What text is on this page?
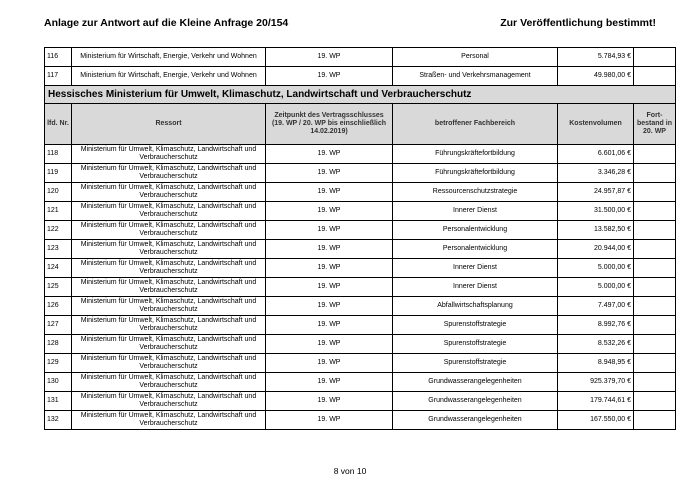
Anlage zur Antwort auf die Kleine Anfrage 20/154	Zur Veröffentlichung bestimmt!
116	Ministerium für Wirtschaft, Energie, Verkehr und Wohnen	19. WP	Personal	5.784,93 €	
117	Ministerium für Wirtschaft, Energie, Verkehr und Wohnen	19. WP	Straßen- und Verkehrsmanagement	49.980,00 €	
Hessisches Ministerium für Umwelt, Klimaschutz, Landwirtschaft und Verbraucherschutz					
lfd. Nr.	Ressort	Zeitpunkt des Vertragsschlusses (19. WP / 20. WP bis einschließlich 14.02.2019)	betroffener Fachbereich	Kostenvolumen	Fort-bestand in 20. WP
118	Ministerium für Umwelt, Klimaschutz, Landwirtschaft und Verbraucherschutz	19. WP	Führungskräftefortbildung	6.601,06 €	
119	Ministerium für Umwelt, Klimaschutz, Landwirtschaft und Verbraucherschutz	19. WP	Führungskräftefortbildung	3.346,28 €	
120	Ministerium für Umwelt, Klimaschutz, Landwirtschaft und Verbraucherschutz	19. WP	Ressourcenschutzstrategie	24.957,87 €	
121	Ministerium für Umwelt, Klimaschutz, Landwirtschaft und Verbraucherschutz	19. WP	Innerer Dienst	31.500,00 €	
122	Ministerium für Umwelt, Klimaschutz, Landwirtschaft und Verbraucherschutz	19. WP	Personalentwicklung	13.582,50 €	
123	Ministerium für Umwelt, Klimaschutz, Landwirtschaft und Verbraucherschutz	19. WP	Personalentwicklung	20.944,00 €	
124	Ministerium für Umwelt, Klimaschutz, Landwirtschaft und Verbraucherschutz	19. WP	Innerer Dienst	5.000,00 €	
125	Ministerium für Umwelt, Klimaschutz, Landwirtschaft und Verbraucherschutz	19. WP	Innerer Dienst	5.000,00 €	
126	Ministerium für Umwelt, Klimaschutz, Landwirtschaft und Verbraucherschutz	19. WP	Abfallwirtschaftsplanung	7.497,00 €	
127	Ministerium für Umwelt, Klimaschutz, Landwirtschaft und Verbraucherschutz	19. WP	Spurenstoffstrategie	8.992,76 €	
128	Ministerium für Umwelt, Klimaschutz, Landwirtschaft und Verbraucherschutz	19. WP	Spurenstoffstrategie	8.532,26 €	
129	Ministerium für Umwelt, Klimaschutz, Landwirtschaft und Verbraucherschutz	19. WP	Spurenstoffstrategie	8.948,95 €	
130	Ministerium für Umwelt, Klimaschutz, Landwirtschaft und Verbraucherschutz	19. WP	Grundwasserangelegenheiten	925.379,70 €	
131	Ministerium für Umwelt, Klimaschutz, Landwirtschaft und Verbraucherschutz	19. WP	Grundwasserangelegenheiten	179.744,61 €	
132	Ministerium für Umwelt, Klimaschutz, Landwirtschaft und Verbraucherschutz	19. WP	Grundwasserangelegenheiten	167.550,00 €	
8 von 10
